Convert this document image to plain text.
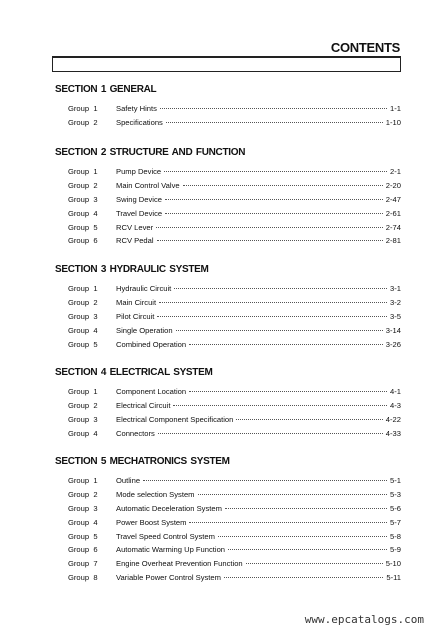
CONTENTS
SECTION 1 GENERAL
Group  1	Safety Hints	1-1
Group  2	Specifications	1-10
SECTION 2 STRUCTURE AND FUNCTION
Group  1	Pump Device	2-1
Group  2	Main Control Valve	2-20
Group  3	Swing Device	2-47
Group  4	Travel Device	2-61
Group  5	RCV Lever	2-74
Group  6	RCV Pedal	2-81
SECTION 3 HYDRAULIC SYSTEM
Group  1	Hydraulic Circuit	3-1
Group  2	Main Circuit	3-2
Group  3	Pilot Circuit	3-5
Group  4	Single Operation	3-14
Group  5	Combined Operation	3-26
SECTION 4 ELECTRICAL SYSTEM
Group  1	Component Location	4-1
Group  2	Electrical Circuit	4-3
Group  3	Electrical Component Specification	4-22
Group  4	Connectors	4-33
SECTION 5 MECHATRONICS SYSTEM
Group  1	Outline	5-1
Group  2	Mode selection System	5-3
Group  3	Automatic Deceleration System	5-6
Group  4	Power Boost System	5-7
Group  5	Travel Speed Control System	5-8
Group  6	Automatic Warming Up Function	5-9
Group  7	Engine Overheat Prevention Function	5-10
Group  8	Variable Power Control System	5-11
www.epcatalogs.com
